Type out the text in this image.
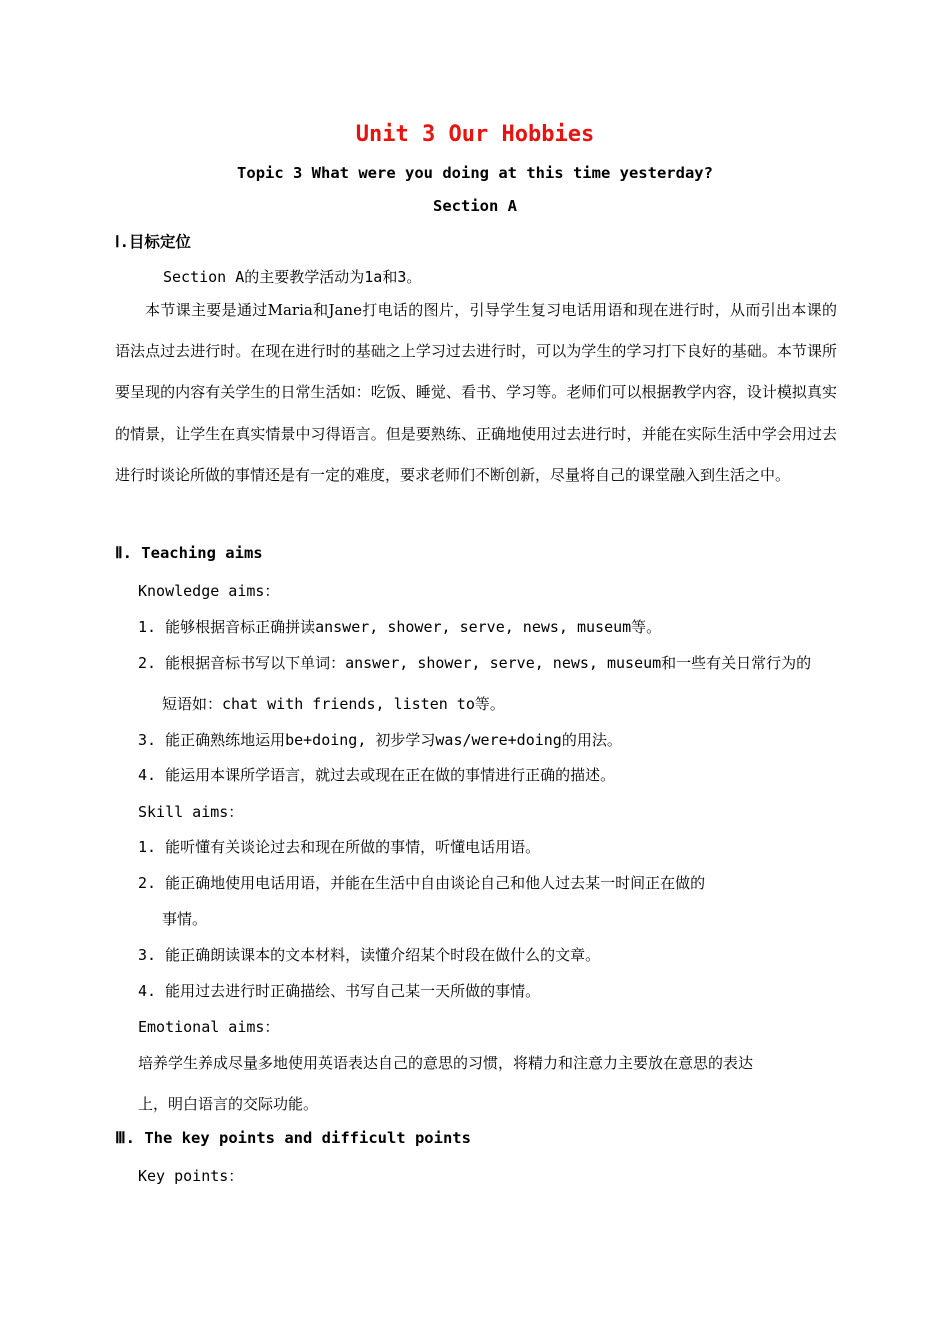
Unit 3 Our Hobbies
Topic 3 What were you doing at this time yesterday?
Section A
Ⅰ.目标定位
Section A的主要教学活动为1a和3。
本节课主要是通过Maria和Jane打电话的图片，引导学生复习电话用语和现在进行时，从而引出本课的语法点过去进行时。在现在进行时的基础之上学习过去进行时，可以为学生的学习打下良好的基础。本节课所要呈现的内容有关学生的日常生活如：吃饭、睡觉、看书、学习等。老师们可以根据教学内容，设计模拟真实的情景，让学生在真实情景中习得语言。但是要熟练、正确地使用过去进行时，并能在实际生活中学会用过去进行时谈论所做的事情还是有一定的难度，要求老师们不断创新，尽量将自己的课堂融入到生活之中。
Ⅱ. Teaching aims
Knowledge aims：
1. 能够根据音标正确拼读answer, shower, serve, news, museum等。
2. 能根据音标书写以下单词：answer, shower, serve, news, museum和一些有关日常行为的
短语如：chat with friends, listen to等。
3. 能正确熟练地运用be+doing, 初步学习was/were+doing的用法。
4. 能运用本课所学语言，就过去或现在正在做的事情进行正确的描述。
Skill aims：
1. 能听懂有关谈论过去和现在所做的事情，听懂电话用语。
2. 能正确地使用电话用语，并能在生活中自由谈论自己和他人过去某一时间正在做的
事情。
3. 能正确朗读课本的文本材料，读懂介绍某个时段在做什么的文章。
4. 能用过去进行时正确描绘、书写自己某一天所做的事情。
Emotional aims：
培养学生养成尽量多地使用英语表达自己的意思的习惯，将精力和注意力主要放在意思的表达
上，明白语言的交际功能。
Ⅲ. The key points and difficult points
Key points：
